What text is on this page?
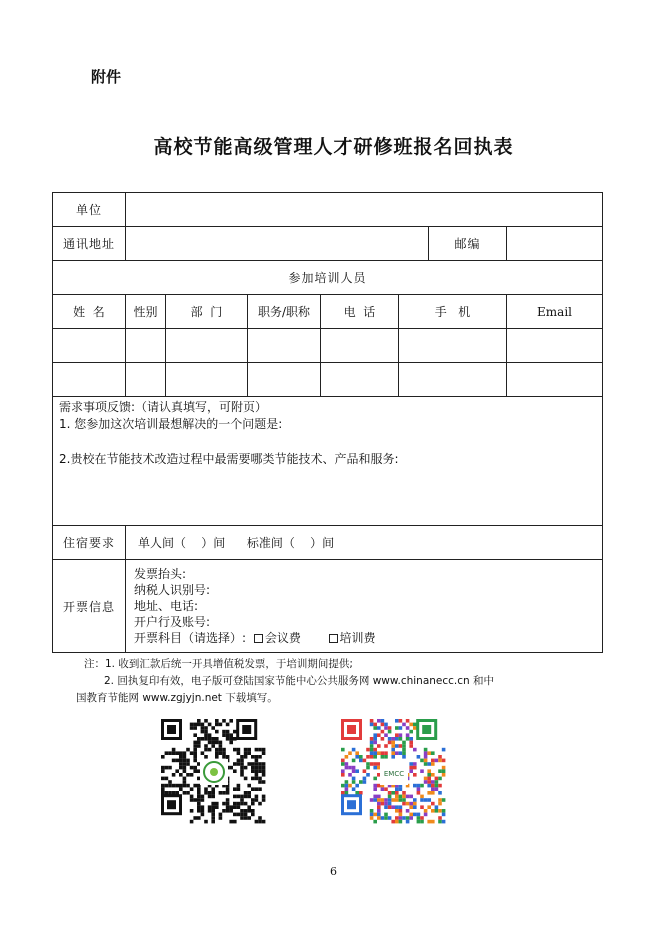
附件
高校节能高级管理人才研修班报名回执表
单位							
通讯地址						邮编	
参加培训人员							
姓  名	性别	部  门	职务/职称	电  话	手   机		Email

需求事项反馈:（请认真填写，可附页）
1. 您参加这次培训最想解决的一个问题是:
2.贵校在节能技术改造过程中最需要哪类节能技术、产品和服务:							

住宿要求	单人间（    ）间 标准间（    ）间						
开票信息	发票抬头:
纳税人识别号:
地址、电话:
开户行及账号:
开票科目（请选择）: 会议费 培训费						
注：1. 收到汇款后统一开具增值税发票，于培训期间提供;
2. 回执复印有效，电子版可登陆国家节能中心公共服务网 www.chinanecc.cn 和中
国教育节能网 www.zgjyjn.net 下载填写。
EMCC
6
